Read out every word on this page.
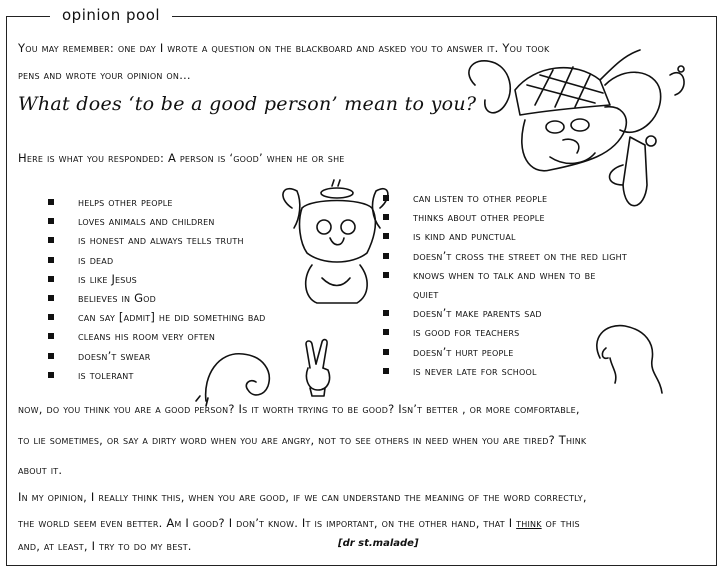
opinion pool
You may remember: one day I wrote a question on the blackboard and asked you to answer it. You took
pens and wrote your opinion on…
What does ‘to be a good person’ mean to you?
Here is what you responded: A person is ‘good’ when he or she
helps other people
loves animals and children
is honest and always tells truth
is dead
is like Jesus
believes in God
can say [admit] he did something bad
cleans his room very often
doesn’t swear
is tolerant
can listen to other people
thinks about other people
is kind and punctual
doesn’t cross the street on the red light
knows when to talk and when to be
quiet
doesn’t make parents sad
is good for teachers
doesn’t hurt people
is never late for school
now, do you think you are a good person? Is it worth trying to be good? Isn’t better , or more comfortable,
to lie sometimes, or say a dirty word when you are angry, not to see others in need when you are tired? Think
about it.
In my opinion, I really think this, when you are good, if we can understand the meaning of the word correctly,
the world seem even better. Am I good? I don’t know. It is important, on the other hand, that I think of this
and, at least, I try to do my best.	[dr st.malade]
